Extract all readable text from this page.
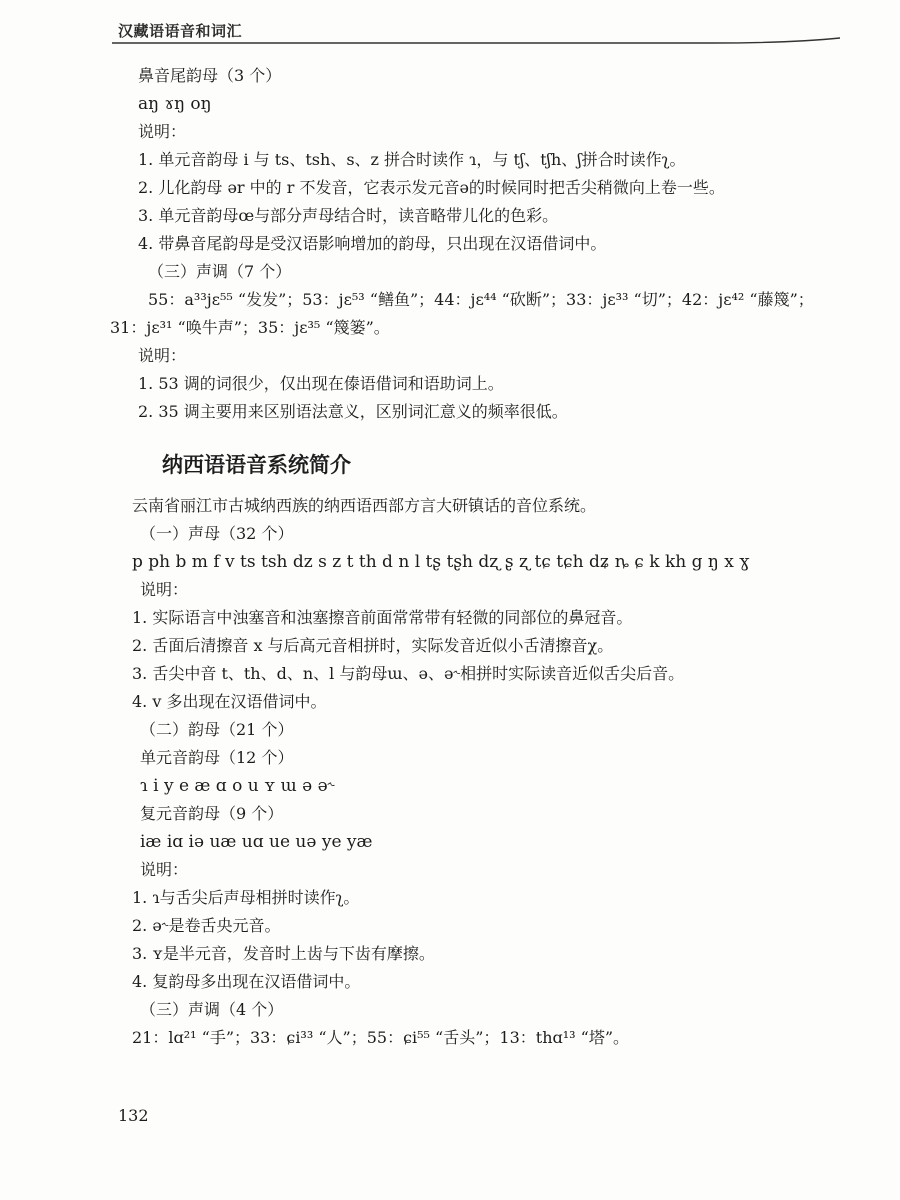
汉藏语语音和词汇
鼻音尾韵母（3 个）
aŋ ɤŋ oŋ
说明：
1. 单元音韵母 i 与 ts、tsh、s、z 拼合时读作 ɿ，与 tʃ、tʃh、ʃ拼合时读作ʅ。
2. 儿化韵母 ər 中的 r 不发音，它表示发元音ə的时候同时把舌尖稍微向上卷一些。
3. 单元音韵母œ与部分声母结合时，读音略带儿化的色彩。
4. 带鼻音尾韵母是受汉语影响增加的韵母，只出现在汉语借词中。
（三）声调（7 个）
55：a³³jɛ⁵⁵ “发发”；53：jɛ⁵³ “鳝鱼”；44：jɛ⁴⁴ “砍断”；33：jɛ³³ “切”；42：jɛ⁴² “藤篾”；
31：jɛ³¹ “唤牛声”；35：jɛ³⁵ “篾篓”。
说明：
1. 53 调的词很少，仅出现在傣语借词和语助词上。
2. 35 调主要用来区别语法意义，区别词汇意义的频率很低。
纳西语语音系统简介
云南省丽江市古城纳西族的纳西语西部方言大研镇话的音位系统。
（一）声母（32 个）
p ph b m f v ts tsh dz s z t th d n l tʂ tʂh dʐ ʂ ʐ tɕ tɕh dʑ ȵ ɕ k kh g ŋ x ɣ
说明：
1. 实际语言中浊塞音和浊塞擦音前面常常带有轻微的同部位的鼻冠音。
2. 舌面后清擦音 x 与后高元音相拼时，实际发音近似小舌清擦音χ。
3. 舌尖中音 t、th、d、n、l 与韵母ɯ、ə、ə˞相拼时实际读音近似舌尖后音。
4. v 多出现在汉语借词中。
（二）韵母（21 个）
单元音韵母（12 个）
ɿ i y e æ ɑ o u ʏ ɯ ə ə˞
复元音韵母（9 个）
iæ iɑ iə uæ uɑ ue uə ye yæ
说明：
1. ɿ与舌尖后声母相拼时读作ʅ。
2. ə˞是卷舌央元音。
3. ʏ是半元音，发音时上齿与下齿有摩擦。
4. 复韵母多出现在汉语借词中。
（三）声调（4 个）
21：lɑ²¹ “手”；33：ɕi³³ “人”；55：ɕi⁵⁵ “舌头”；13：thɑ¹³ “塔”。
132
